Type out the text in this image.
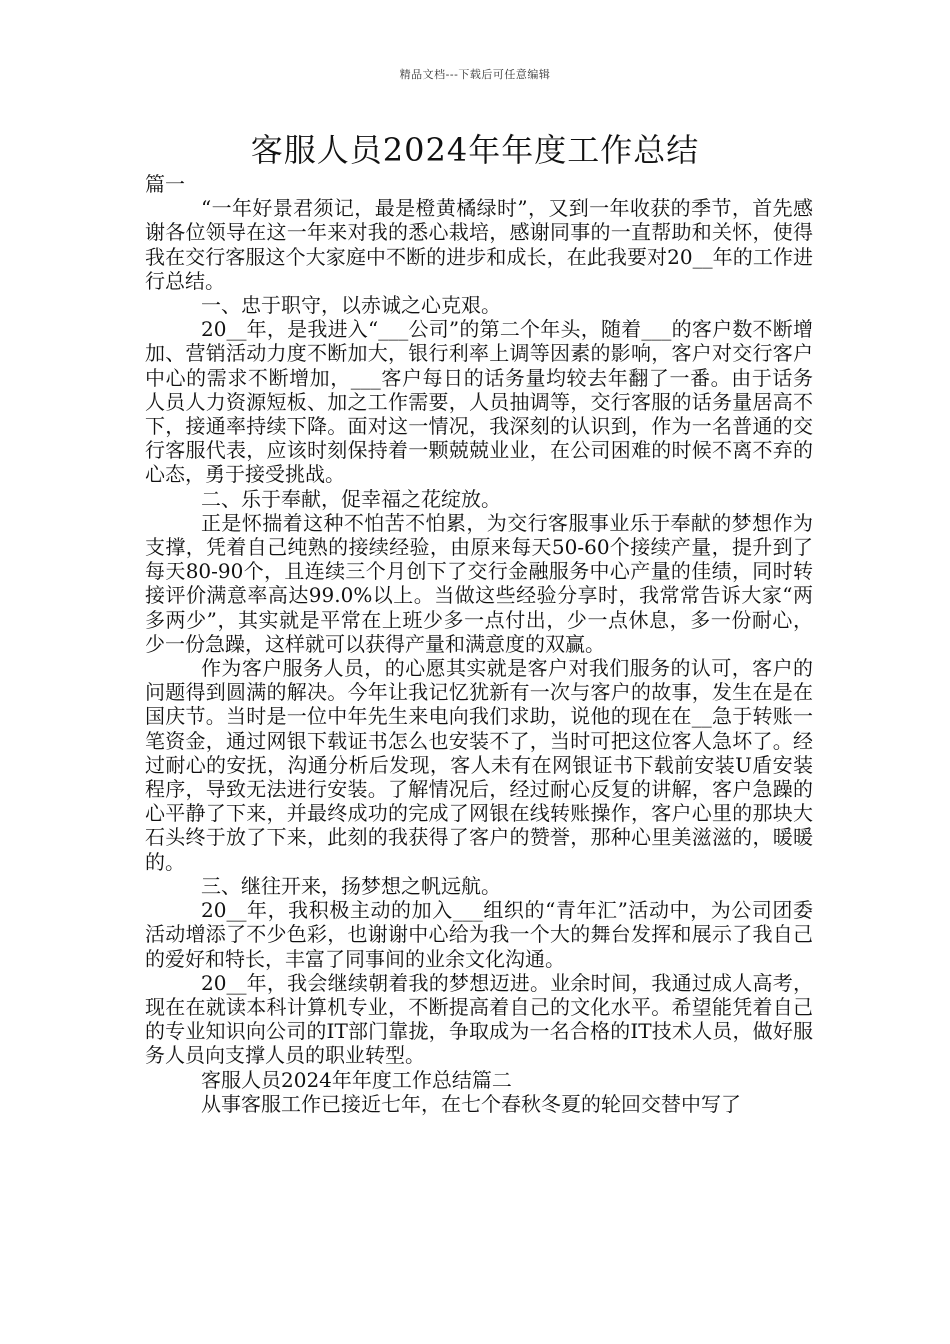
精品文档---下载后可任意编辑
客服人员2024年年度工作总结

篇一

“一年好景君须记，最是橙黄橘绿时”，又到一年收获的季节，首先感谢各位领导在这一年来对我的悉心栽培，感谢同事的一直帮助和关怀，使得我在交行客服这个大家庭中不断的进步和成长，在此我要对20__年的工作进行总结。

一、忠于职守，以赤诚之心克艰。

20__年，是我进入“___公司”的第二个年头，随着___的客户数不断增加、营销活动力度不断加大，银行利率上调等因素的影响，客户对交行客户中心的需求不断增加，___客户每日的话务量均较去年翻了一番。由于话务人员人力资源短板、加之工作需要，人员抽调等，交行客服的话务量居高不下，接通率持续下降。面对这一情况，我深刻的认识到，作为一名普通的交行客服代表，应该时刻保持着一颗兢兢业业，在公司困难的时候不离不弃的心态，勇于接受挑战。

二、乐于奉献，促幸福之花绽放。

正是怀揣着这种不怕苦不怕累，为交行客服事业乐于奉献的梦想作为支撑，凭着自己纯熟的接续经验，由原来每天50-60个接续产量，提升到了每天80-90个，且连续三个月创下了交行金融服务中心产量的佳绩，同时转接评价满意率高达99.0%以上。当做这些经验分享时，我常常告诉大家“两多两少”，其实就是平常在上班少多一点付出，少一点休息，多一份耐心，少一份急躁，这样就可以获得产量和满意度的双赢。

作为客户服务人员，的心愿其实就是客户对我们服务的认可，客户的问题得到圆满的解决。今年让我记忆犹新有一次与客户的故事，发生在是在国庆节。当时是一位中年先生来电向我们求助，说他的现在在__急于转账一笔资金，通过网银下载证书怎么也安装不了，当时可把这位客人急坏了。经过耐心的安抚，沟通分析后发现，客人未有在网银证书下载前安装U盾安装程序，导致无法进行安装。了解情况后，经过耐心反复的讲解，客户急躁的心平静了下来，并最终成功的完成了网银在线转账操作，客户心里的那块大石头终于放了下来，此刻的我获得了客户的赞誉，那种心里美滋滋的，暖暖的。

三、继往开来，扬梦想之帆远航。

20__年，我积极主动的加入___组织的“青年汇”活动中，为公司团委活动增添了不少色彩，也谢谢中心给为我一个大的舞台发挥和展示了我自己的爱好和特长，丰富了同事间的业余文化沟通。

20__年，我会继续朝着我的梦想迈进。业余时间，我通过成人高考，现在在就读本科计算机专业，不断提高着自己的文化水平。希望能凭着自己的专业知识向公司的IT部门靠拢，争取成为一名合格的IT技术人员，做好服务人员向支撑人员的职业转型。

客服人员2024年年度工作总结篇二

从事客服工作已接近七年，在七个春秋冬夏的轮回交替中写了
